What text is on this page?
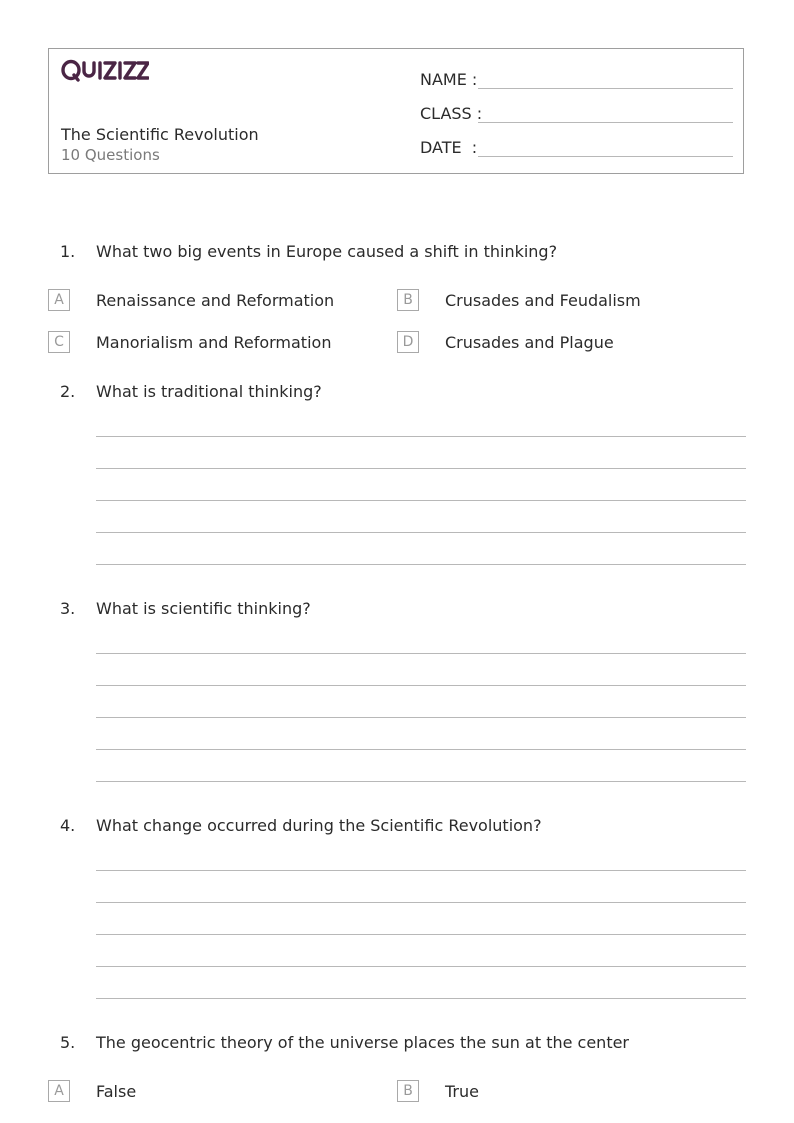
The Scientific Revolution
10 Questions
NAME :
CLASS :
DATE  :
1. What two big events in Europe caused a shift in thinking?
A	Renaissance and Reformation	B	Crusades and Feudalism
C	Manorialism and Reformation	D	Crusades and Plague
2. What is traditional thinking?
3. What is scientific thinking?
4. What change occurred during the Scientific Revolution?
5. The geocentric theory of the universe places the sun at the center
A	False	B	True
